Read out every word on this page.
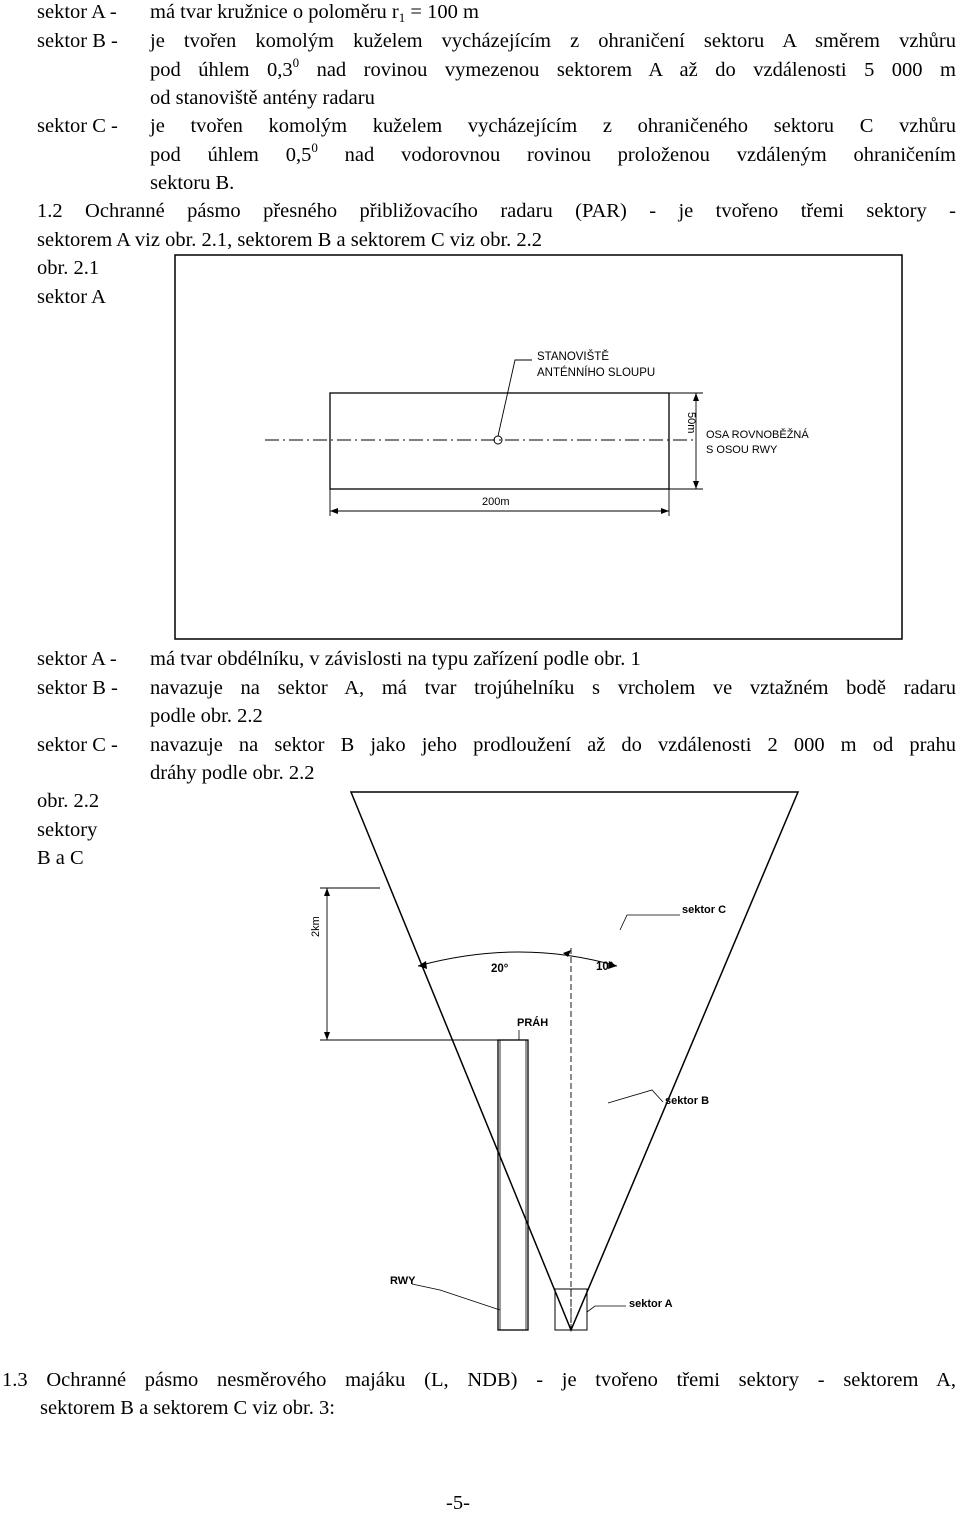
sektor A - má tvar kružnice o poloměru r1 = 100 m
sektor B - je tvořen komolým kuželem vycházejícím z ohraničení sektoru A směrem vzhůru
pod úhlem $0,3^0$ nad rovinou vymezenou sektorem A až do vzdálenosti 5 000 m
od stanoviště antény radaru
sektor C - je tvořen komolým kuželem vycházejícím z ohraničeného sektoru C vzhůru
pod úhlem $0,5^0$ nad vodorovnou rovinou proloženou vzdáleným ohraničením
sektoru B.
1.2 Ochranné pásmo přesného přibližovacího radaru (PAR) - je tvořeno třemi sektory -
sektorem A viz obr. 2.1, sektorem B a sektorem C viz obr. 2.2
obr. 2.1
sektor A
STANOVIŠTĚ
ANTÉNNÍHO SLOUPU
50m
OSA ROVNOBĚŽNÁ
S OSOU RWY
200m
sektor A - má tvar obdélníku, v závislosti na typu zařízení podle obr. 1
sektor B - navazuje na sektor A, má tvar trojúhelníku s vrcholem ve vztažném bodě radaru
podle obr. 2.2
sektor C - navazuje na sektor B jako jeho prodloužení až do vzdálenosti 2 000 m od prahu
dráhy podle obr. 2.2
obr. 2.2
sektory
B a C
20°	10°
2km
PRÁH
sektor C
sektor B
sektor A
RWY
1.3 Ochranné pásmo nesměrového majáku (L, NDB) - je tvořeno třemi sektory - sektorem A,
sektorem B a sektorem C viz obr. 3:
-5-
